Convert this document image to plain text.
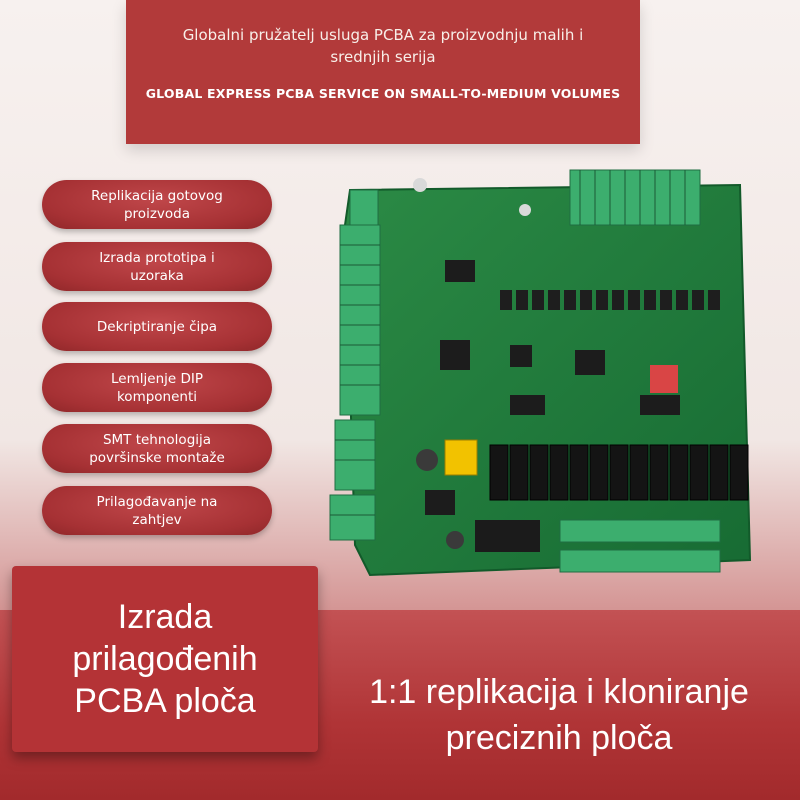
Globalni pružatelj usluga PCBA za proizvodnju malih i srednjih serija
GLOBAL EXPRESS PCBA SERVICE ON SMALL-TO-MEDIUM VOLUMES
Replikacija gotovog proizvoda
Izrada prototipa i uzoraka
Dekriptiranje čipa
Lemljenje DIP komponenti
SMT tehnologija površinske montaže
Prilagođavanje na zahtjev
Izrada prilagođenih PCBA ploča	1:1 replikacija i kloniranje preciznih ploča
